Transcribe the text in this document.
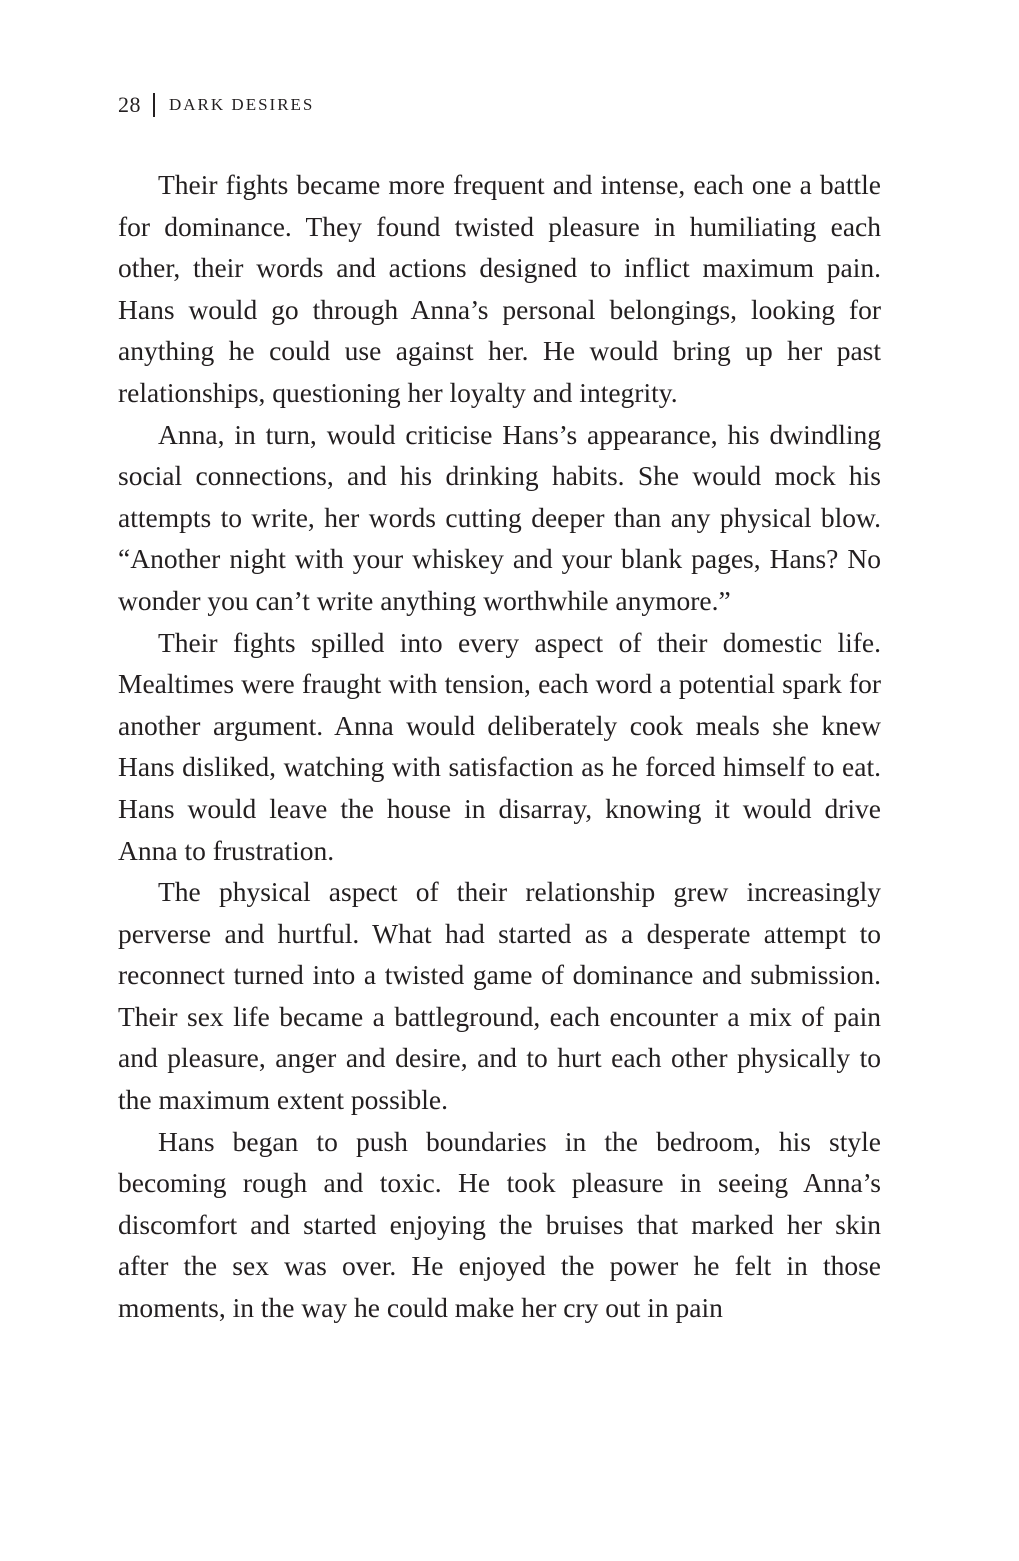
28 DARK DESIRES

Their fights became more frequent and intense, each one a battle for dominance. They found twisted pleasure in humiliating each other, their words and actions designed to inflict maximum pain. Hans would go through Anna’s personal belongings, looking for anything he could use against her. He would bring up her past relationships, questioning her loyalty and integrity.

Anna, in turn, would criticise Hans’s appearance, his dwindling social connections, and his drinking habits. She would mock his attempts to write, her words cutting deeper than any physical blow. “Another night with your whiskey and your blank pages, Hans? No wonder you can’t write anything worthwhile anymore.”

Their fights spilled into every aspect of their domestic life. Mealtimes were fraught with tension, each word a potential spark for another argument. Anna would deliberately cook meals she knew Hans disliked, watching with satisfaction as he forced himself to eat. Hans would leave the house in disarray, knowing it would drive Anna to frustration.

The physical aspect of their relationship grew increasingly perverse and hurtful. What had started as a desperate attempt to reconnect turned into a twisted game of dominance and submission. Their sex life became a battleground, each encounter a mix of pain and pleasure, anger and desire, and to hurt each other physically to the maximum extent possible.

Hans began to push boundaries in the bedroom, his style becoming rough and toxic. He took pleasure in seeing Anna’s discomfort and started enjoying the bruises that marked her skin after the sex was over. He enjoyed the power he felt in those moments, in the way he could make her cry out in pain
